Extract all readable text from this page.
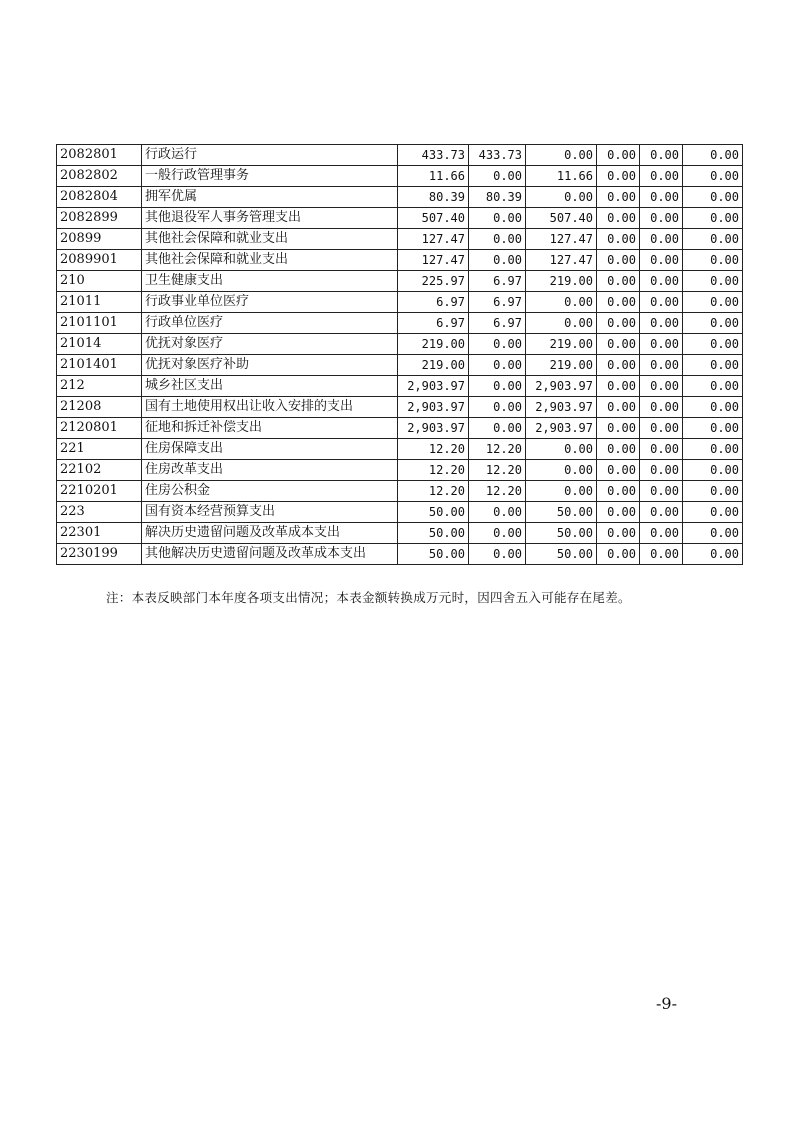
2082801	行政运行	433.73	433.73	0.00	0.00	0.00	0.00
2082802	一般行政管理事务	11.66	0.00	11.66	0.00	0.00	0.00
2082804	拥军优属	80.39	80.39	0.00	0.00	0.00	0.00
2082899	其他退役军人事务管理支出	507.40	0.00	507.40	0.00	0.00	0.00
20899	其他社会保障和就业支出	127.47	0.00	127.47	0.00	0.00	0.00
2089901	其他社会保障和就业支出	127.47	0.00	127.47	0.00	0.00	0.00
210	卫生健康支出	225.97	6.97	219.00	0.00	0.00	0.00
21011	行政事业单位医疗	6.97	6.97	0.00	0.00	0.00	0.00
2101101	行政单位医疗	6.97	6.97	0.00	0.00	0.00	0.00
21014	优抚对象医疗	219.00	0.00	219.00	0.00	0.00	0.00
2101401	优抚对象医疗补助	219.00	0.00	219.00	0.00	0.00	0.00
212	城乡社区支出	2,903.97	0.00	2,903.97	0.00	0.00	0.00
21208	国有土地使用权出让收入安排的支出	2,903.97	0.00	2,903.97	0.00	0.00	0.00
2120801	征地和拆迁补偿支出	2,903.97	0.00	2,903.97	0.00	0.00	0.00
221	住房保障支出	12.20	12.20	0.00	0.00	0.00	0.00
22102	住房改革支出	12.20	12.20	0.00	0.00	0.00	0.00
2210201	住房公积金	12.20	12.20	0.00	0.00	0.00	0.00
223	国有资本经营预算支出	50.00	0.00	50.00	0.00	0.00	0.00
22301	解决历史遗留问题及改革成本支出	50.00	0.00	50.00	0.00	0.00	0.00
2230199	其他解决历史遗留问题及改革成本支出	50.00	0.00	50.00	0.00	0.00	0.00
注：本表反映部门本年度各项支出情况；本表金额转换成万元时，因四舍五入可能存在尾差。
-9-
